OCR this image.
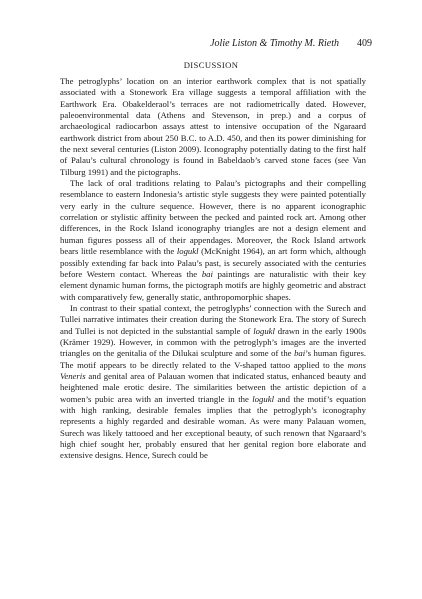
Jolie Liston & Timothy M. Rieth 409
DISCUSSION

The petroglyphs’ location on an interior earthwork complex that is not spatially associated with a Stonework Era village suggests a temporal affiliation with the Earthwork Era. Obakelderaol’s terraces are not radiometrically dated. However, paleoenvironmental data (Athens and Stevenson, in prep.) and a corpus of archaeological radiocarbon assays attest to intensive occupation of the Ngaraard earthwork district from about 250 B.C. to A.D. 450, and then its power diminishing for the next several centuries (Liston 2009). Iconography potentially dating to the first half of Palau’s cultural chronology is found in Babeldaob’s carved stone faces (see Van Tilburg 1991) and the pictographs.

The lack of oral traditions relating to Palau’s pictographs and their compelling resemblance to eastern Indonesia’s artistic style suggests they were painted potentially very early in the culture sequence. However, there is no apparent iconographic correlation or stylistic affinity between the pecked and painted rock art. Among other differences, in the Rock Island iconography triangles are not a design element and human figures possess all of their appendages. Moreover, the Rock Island artwork bears little resemblance with the logukl (McKnight 1964), an art form which, although possibly extending far back into Palau’s past, is securely associated with the centuries before Western contact. Whereas the bai paintings are naturalistic with their key element dynamic human forms, the pictograph motifs are highly geometric and abstract with comparatively few, generally static, anthropomorphic shapes.

In contrast to their spatial context, the petroglyphs’ connection with the Surech and Tullei narrative intimates their creation during the Stonework Era. The story of Surech and Tullei is not depicted in the substantial sample of logukl drawn in the early 1900s (Krämer 1929). However, in common with the petroglyph’s images are the inverted triangles on the genitalia of the Dilukai sculpture and some of the bai’s human figures. The motif appears to be directly related to the V-shaped tattoo applied to the mons Veneris and genital area of Palauan women that indicated status, enhanced beauty and heightened male erotic desire. The similarities between the artistic depiction of a women’s pubic area with an inverted triangle in the logukl and the motif’s equation with high ranking, desirable females implies that the petroglyph’s iconography represents a highly regarded and desirable woman. As were many Palauan women, Surech was likely tattooed and her exceptional beauty, of such renown that Ngaraard’s high chief sought her, probably ensured that her genital region bore elaborate and extensive designs. Hence, Surech could be
